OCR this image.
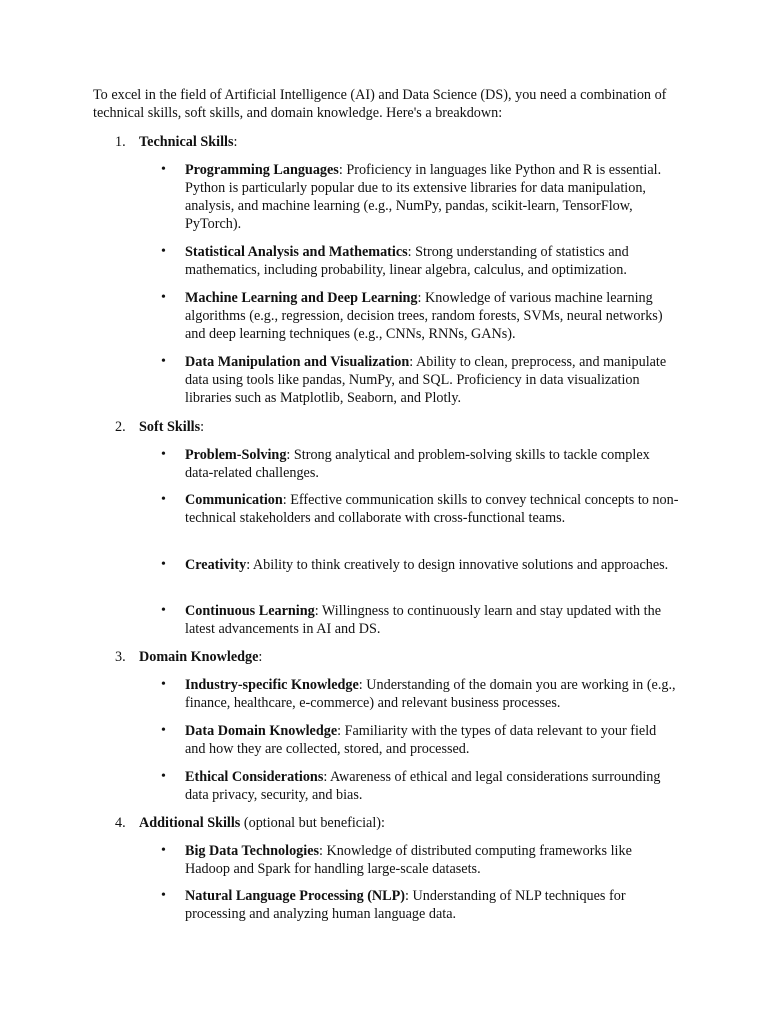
To excel in the field of Artificial Intelligence (AI) and Data Science (DS), you need a combination of technical skills, soft skills, and domain knowledge. Here's a breakdown:

1. Technical Skills:
• Programming Languages: Proficiency in languages like Python and R is essential. Python is particularly popular due to its extensive libraries for data manipulation, analysis, and machine learning (e.g., NumPy, pandas, scikit-learn, TensorFlow, PyTorch).
• Statistical Analysis and Mathematics: Strong understanding of statistics and mathematics, including probability, linear algebra, calculus, and optimization.
• Machine Learning and Deep Learning: Knowledge of various machine learning algorithms (e.g., regression, decision trees, random forests, SVMs, neural networks) and deep learning techniques (e.g., CNNs, RNNs, GANs).
• Data Manipulation and Visualization: Ability to clean, preprocess, and manipulate data using tools like pandas, NumPy, and SQL. Proficiency in data visualization libraries such as Matplotlib, Seaborn, and Plotly.
2. Soft Skills:
• Problem-Solving: Strong analytical and problem-solving skills to tackle complex data-related challenges.
• Communication: Effective communication skills to convey technical concepts to non-technical stakeholders and collaborate with cross-functional teams.
• Creativity: Ability to think creatively to design innovative solutions and approaches.
• Continuous Learning: Willingness to continuously learn and stay updated with the latest advancements in AI and DS.
3. Domain Knowledge:
• Industry-specific Knowledge: Understanding of the domain you are working in (e.g., finance, healthcare, e-commerce) and relevant business processes.
• Data Domain Knowledge: Familiarity with the types of data relevant to your field and how they are collected, stored, and processed.
• Ethical Considerations: Awareness of ethical and legal considerations surrounding data privacy, security, and bias.
4. Additional Skills (optional but beneficial):
• Big Data Technologies: Knowledge of distributed computing frameworks like Hadoop and Spark for handling large-scale datasets.
• Natural Language Processing (NLP): Understanding of NLP techniques for processing and analyzing human language data.
